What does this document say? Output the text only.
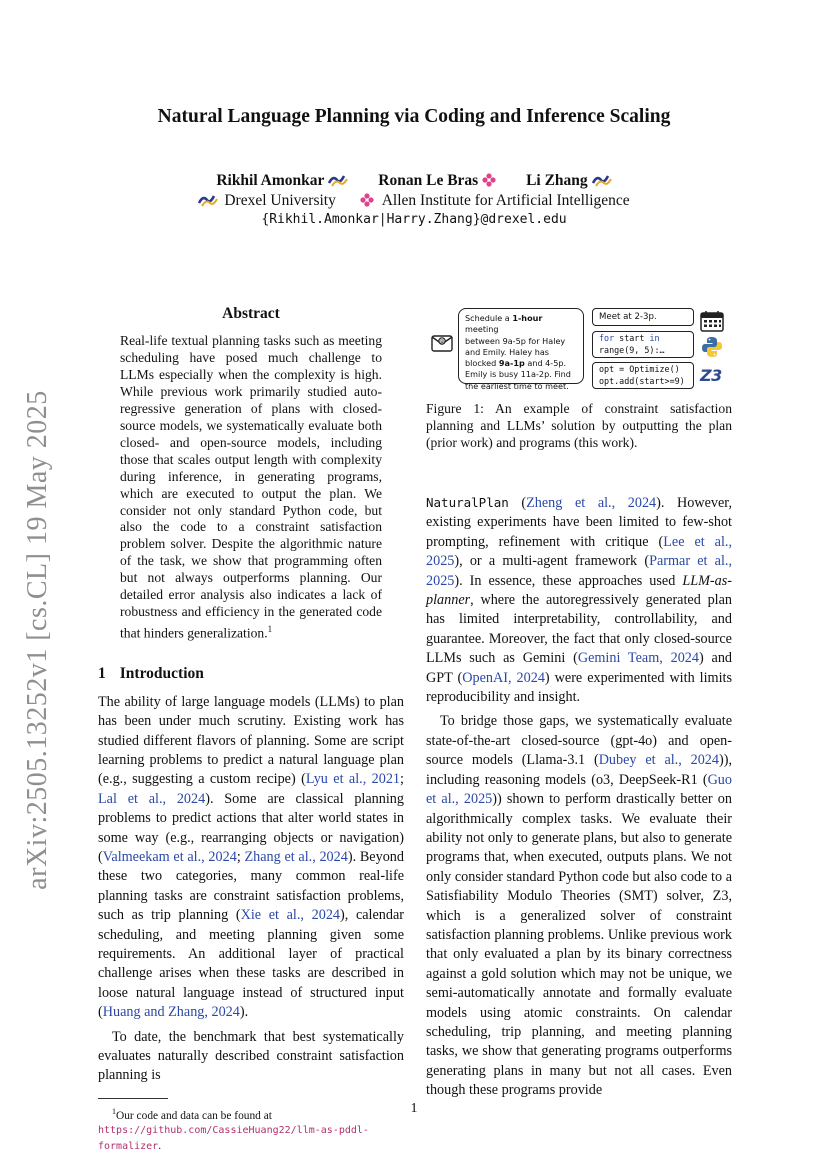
arXiv:2505.13252v1 [cs.CL] 19 May 2025
Natural Language Planning via Coding and Inference Scaling
Rikhil Amonkar	Ronan Le Bras	Li Zhang
Drexel University	Allen Institute for Artificial Intelligence
{Rikhil.Amonkar|Harry.Zhang}@drexel.edu
Abstract
Real-life textual planning tasks such as meeting scheduling have posed much challenge to LLMs especially when the complexity is high. While previous work primarily studied auto-regressive generation of plans with closed-source models, we systematically evaluate both closed- and open-source models, including those that scales output length with complexity during inference, in generating programs, which are executed to output the plan. We consider not only standard Python code, but also the code to a constraint satisfaction problem solver. Despite the algorithmic nature of the task, we show that programming often but not always outperforms planning. Our detailed error analysis also indicates a lack of robustness and efficiency in the generated code that hinders generalization.$^1$
1 Introduction

The ability of large language models (LLMs) to plan has been under much scrutiny. Existing work has studied different flavors of planning. Some are script learning problems to predict a natural language plan (e.g., suggesting a custom recipe) (Lyu et al., 2021; Lal et al., 2024). Some are classical planning problems to predict actions that alter world states in some way (e.g., rearranging objects or navigation) (Valmeekam et al., 2024; Zhang et al., 2024). Beyond these two categories, many common real-life planning tasks are constraint satisfaction problems, such as trip planning (Xie et al., 2024), calendar scheduling, and meeting planning given some requirements. An additional layer of practical challenge arises when these tasks are described in loose natural language instead of structured input (Huang and Zhang, 2024).

To date, the benchmark that best systematically evaluates naturally described constraint satisfaction planning is

$^1$Our code and data can be found at https://github.com/CassieHuang22/llm-as-pddl-formalizer.
@
Schedule a 1-hour meeting
between 9a-5p for Haley
and Emily. Haley has
blocked 9a-1p and 4-5p.
Emily is busy 11a-2p. Find
the earliest time to meet.
Meet at 2-3p.
for start in
range(9, 5):…
opt = Optimize()
opt.add(start>=9) Z3
Figure 1: An example of constraint satisfaction planning and LLMs’ solution by outputting the plan (prior work) and programs (this work).

NaturalPlan (Zheng et al., 2024). However, existing experiments have been limited to few-shot prompting, refinement with critique (Lee et al., 2025), or a multi-agent framework (Parmar et al., 2025). In essence, these approaches used LLM-as-planner, where the autoregressively generated plan has limited interpretability, controllability, and guarantee. Moreover, the fact that only closed-source LLMs such as Gemini (Gemini Team, 2024) and GPT (OpenAI, 2024) were experimented with limits reproducibility and insight.

To bridge those gaps, we systematically evaluate state-of-the-art closed-source (gpt-4o) and open-source models (Llama-3.1 (Dubey et al., 2024)), including reasoning models (o3, DeepSeek-R1 (Guo et al., 2025)) shown to perform drastically better on algorithmically complex tasks. We evaluate their ability not only to generate plans, but also to generate programs that, when executed, outputs plans. We not only consider standard Python code but also code to a Satisfiability Modulo Theories (SMT) solver, Z3, which is a generalized solver of constraint satisfaction planning problems. Unlike previous work that only evaluated a plan by its binary correctness against a gold solution which may not be unique, we semi-automatically annotate and formally evaluate models using atomic constraints. On calendar scheduling, trip planning, and meeting planning tasks, we show that generating programs outperforms generating plans in many but not all cases. Even though these programs provide

1
